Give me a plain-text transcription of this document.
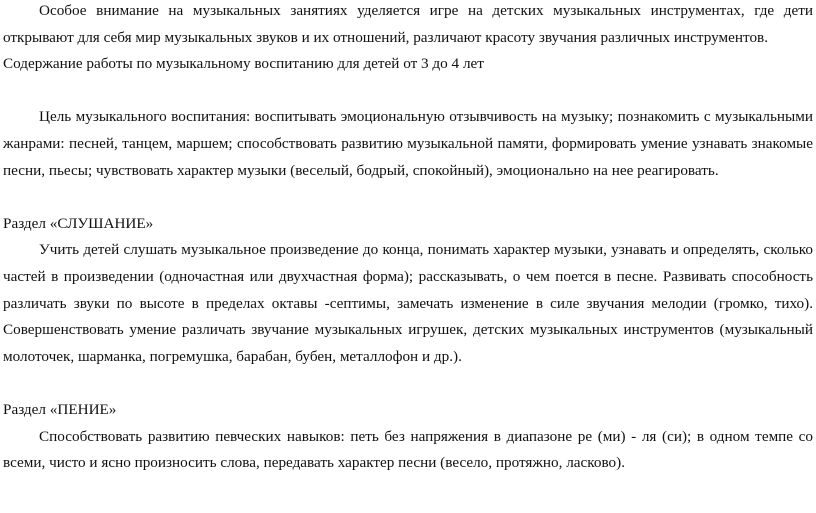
Особое внимание на музыкальных занятиях уделяется игре на детских музыкальных инструментах, где дети открывают для себя мир музыкальных звуков и их отношений, различают красоту звучания различных инструментов.

Содержание работы по музыкальному воспитанию для детей от 3 до 4 лет

Цель музыкального воспитания: воспитывать эмоциональную отзывчивость на музыку; познакомить с музыкальными жанрами: песней, танцем, маршем; способствовать развитию музыкальной памяти, формировать умение узнавать знакомые песни, пьесы; чувствовать характер музыки (веселый, бодрый, спокойный), эмоционально на нее реагировать.

Раздел «СЛУШАНИЕ»

Учить детей слушать музыкальное произведение до конца, понимать характер музыки, узнавать и определять, сколько частей в произведении (одночастная или двухчастная форма); рассказывать, о чем поется в песне. Развивать способность различать звуки по высоте в пределах октавы -септимы, замечать изменение в силе звучания мелодии (громко, тихо). Совершенствовать умение различать звучание музыкальных игрушек, детских музыкальных инструментов (музыкальный молоточек, шарманка, погремушка, барабан, бубен, металлофон и др.).

Раздел «ПЕНИЕ»

Способствовать развитию певческих навыков: петь без напряжения в диапазоне ре (ми) - ля (си); в одном темпе со всеми, чисто и ясно произносить слова, передавать характер песни (весело, протяжно, ласково).
